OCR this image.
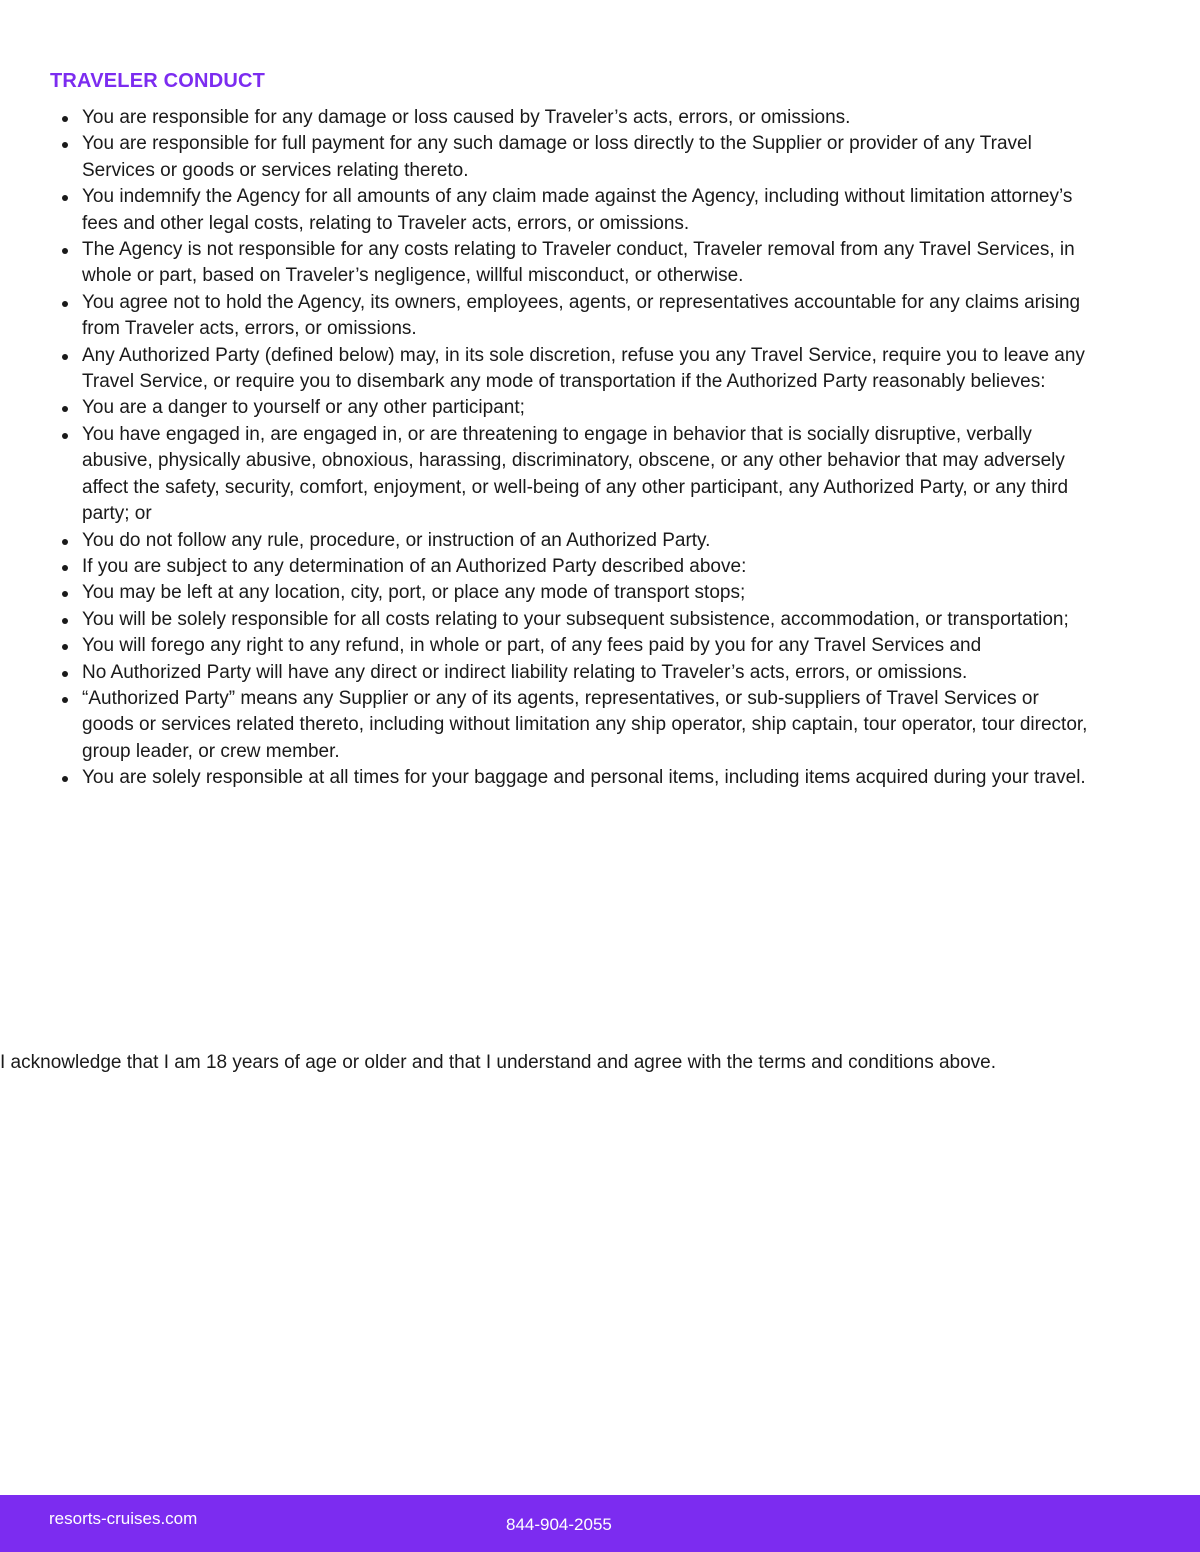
TRAVELER CONDUCT
You are responsible for any damage or loss caused by Traveler’s acts, errors, or omissions.
You are responsible for full payment for any such damage or loss directly to the Supplier or provider of any Travel Services or goods or services relating thereto.
You indemnify the Agency for all amounts of any claim made against the Agency, including without limitation attorney’s fees and other legal costs, relating to Traveler acts, errors, or omissions.
The Agency is not responsible for any costs relating to Traveler conduct, Traveler removal from any Travel Services, in whole or part, based on Traveler’s negligence, willful misconduct, or otherwise.
You agree not to hold the Agency, its owners, employees, agents, or representatives accountable for any claims arising from Traveler acts, errors, or omissions.
Any Authorized Party (defined below) may, in its sole discretion, refuse you any Travel Service, require you to leave any Travel Service, or require you to disembark any mode of transportation if the Authorized Party reasonably believes:
You are a danger to yourself or any other participant;
You have engaged in, are engaged in, or are threatening to engage in behavior that is socially disruptive, verbally abusive, physically abusive, obnoxious, harassing, discriminatory, obscene, or any other behavior that may adversely affect the safety, security, comfort, enjoyment, or well-being of any other participant, any Authorized Party, or any third party; or
You do not follow any rule, procedure, or instruction of an Authorized Party.
If you are subject to any determination of an Authorized Party described above:
You may be left at any location, city, port, or place any mode of transport stops;
You will be solely responsible for all costs relating to your subsequent subsistence, accommodation, or transportation;
You will forego any right to any refund, in whole or part, of any fees paid by you for any Travel Services and
No Authorized Party will have any direct or indirect liability relating to Traveler’s acts, errors, or omissions.
“Authorized Party” means any Supplier or any of its agents, representatives, or sub-suppliers of Travel Services or goods or services related thereto, including without limitation any ship operator, ship captain, tour operator, tour director, group leader, or crew member.
You are solely responsible at all times for your baggage and personal items, including items acquired during your travel.

I acknowledge that I am 18 years of age or older and that I understand and agree with the terms and conditions above.

resorts-cruises.com	844-904-2055
